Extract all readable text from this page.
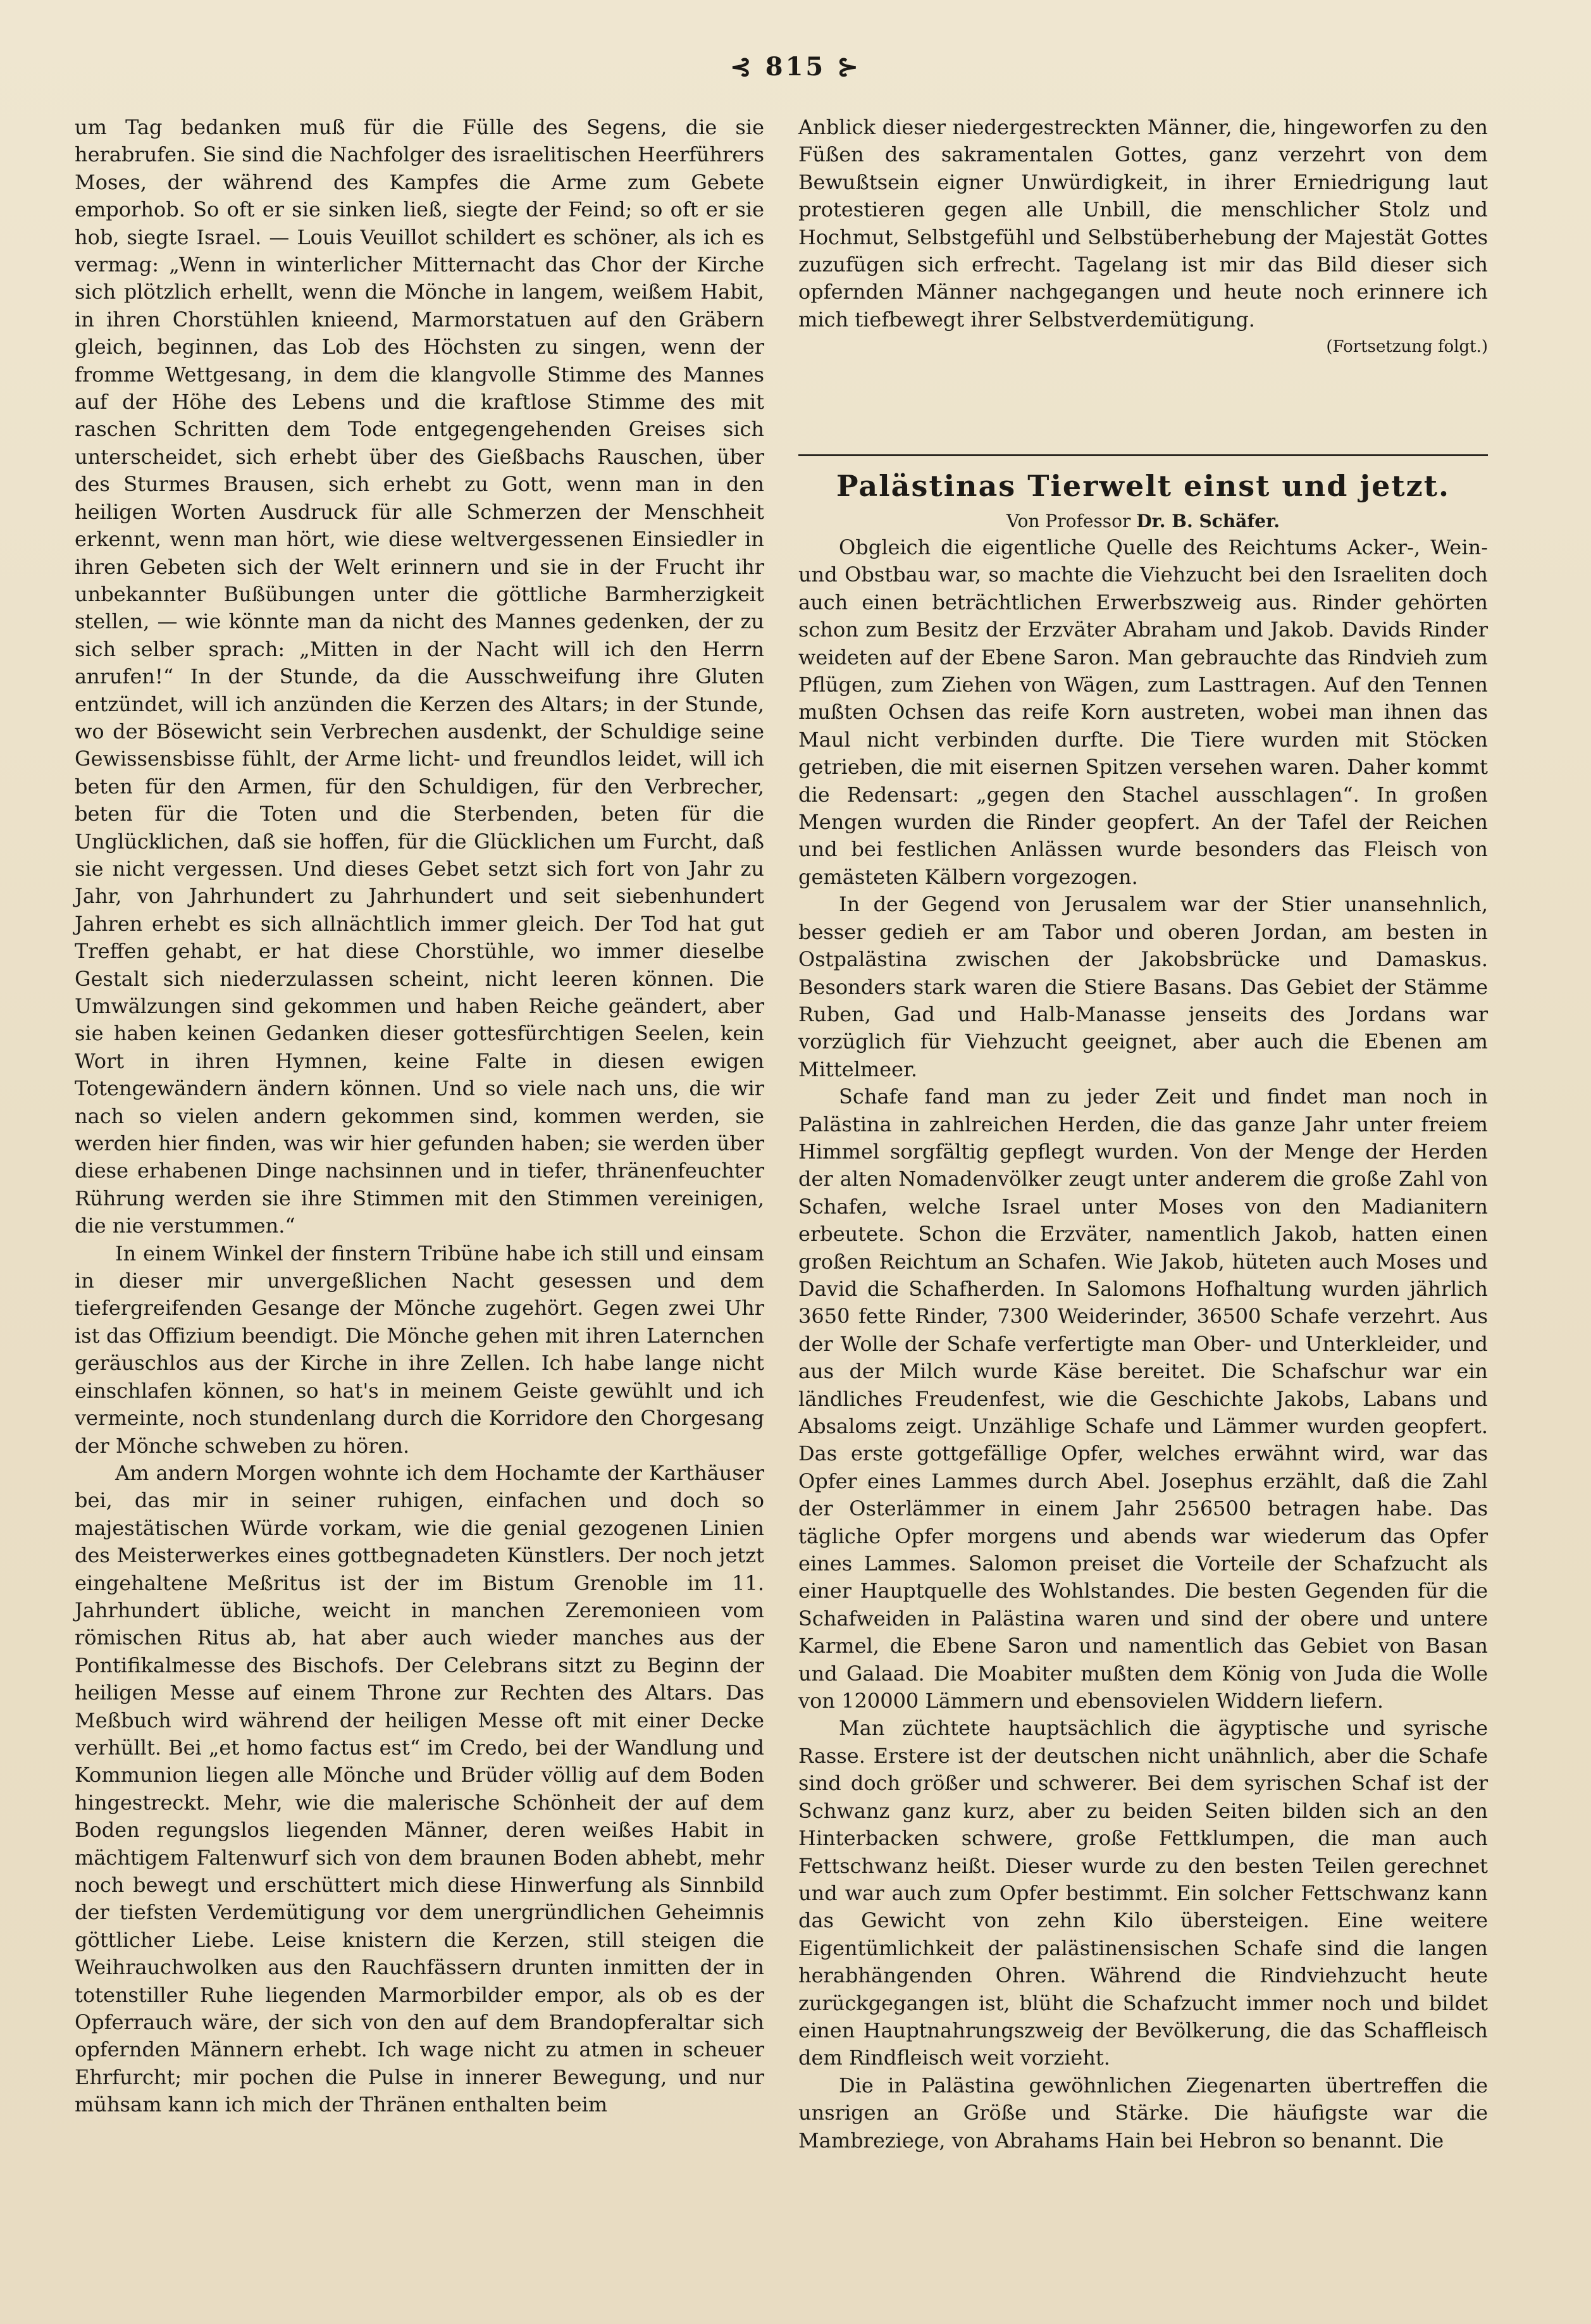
⊰ 815 ⊱

um Tag bedanken muß für die Fülle des Segens, die sie herabrufen. Sie sind die Nachfolger des israelitischen Heerführers Moses, der während des Kampfes die Arme zum Gebete emporhob. So oft er sie sinken ließ, siegte der Feind; so oft er sie hob, siegte Israel. — Louis Veuillot schildert es schöner, als ich es vermag: „Wenn in winterlicher Mitternacht das Chor der Kirche sich plötzlich erhellt, wenn die Mönche in langem, weißem Habit, in ihren Chorstühlen knieend, Marmorstatuen auf den Gräbern gleich, beginnen, das Lob des Höchsten zu singen, wenn der fromme Wettgesang, in dem die klangvolle Stimme des Mannes auf der Höhe des Lebens und die kraftlose Stimme des mit raschen Schritten dem Tode entgegengehenden Greises sich unterscheidet, sich erhebt über des Gießbachs Rauschen, über des Sturmes Brausen, sich erhebt zu Gott, wenn man in den heiligen Worten Ausdruck für alle Schmerzen der Menschheit erkennt, wenn man hört, wie diese weltvergessenen Einsiedler in ihren Gebeten sich der Welt erinnern und sie in der Frucht ihr unbekannter Bußübungen unter die göttliche Barmherzigkeit stellen, — wie könnte man da nicht des Mannes gedenken, der zu sich selber sprach: „Mitten in der Nacht will ich den Herrn anrufen!“ In der Stunde, da die Ausschweifung ihre Gluten entzündet, will ich anzünden die Kerzen des Altars; in der Stunde, wo der Bösewicht sein Verbrechen ausdenkt, der Schuldige seine Gewissensbisse fühlt, der Arme licht- und freundlos leidet, will ich beten für den Armen, für den Schuldigen, für den Verbrecher, beten für die Toten und die Sterbenden, beten für die Unglücklichen, daß sie hoffen, für die Glücklichen um Furcht, daß sie nicht vergessen. Und dieses Gebet setzt sich fort von Jahr zu Jahr, von Jahrhundert zu Jahrhundert und seit siebenhundert Jahren erhebt es sich allnächtlich immer gleich. Der Tod hat gut Treffen gehabt, er hat diese Chorstühle, wo immer dieselbe Gestalt sich niederzulassen scheint, nicht leeren können. Die Umwälzungen sind gekommen und haben Reiche geändert, aber sie haben keinen Gedanken dieser gottesfürchtigen Seelen, kein Wort in ihren Hymnen, keine Falte in diesen ewigen Totengewändern ändern können. Und so viele nach uns, die wir nach so vielen andern gekommen sind, kommen werden, sie werden hier finden, was wir hier gefunden haben; sie werden über diese erhabenen Dinge nachsinnen und in tiefer, thränenfeuchter Rührung werden sie ihre Stimmen mit den Stimmen vereinigen, die nie verstummen.“

In einem Winkel der finstern Tribüne habe ich still und einsam in dieser mir unvergeßlichen Nacht gesessen und dem tiefergreifenden Gesange der Mönche zugehört. Gegen zwei Uhr ist das Offizium beendigt. Die Mönche gehen mit ihren Laternchen geräuschlos aus der Kirche in ihre Zellen. Ich habe lange nicht einschlafen können, so hat's in meinem Geiste gewühlt und ich vermeinte, noch stundenlang durch die Korridore den Chorgesang der Mönche schweben zu hören.

Am andern Morgen wohnte ich dem Hochamte der Karthäuser bei, das mir in seiner ruhigen, einfachen und doch so majestätischen Würde vorkam, wie die genial gezogenen Linien des Meisterwerkes eines gottbegnadeten Künstlers. Der noch jetzt eingehaltene Meßritus ist der im Bistum Grenoble im 11. Jahrhundert übliche, weicht in manchen Zeremonieen vom römischen Ritus ab, hat aber auch wieder manches aus der Pontifikalmesse des Bischofs. Der Celebrans sitzt zu Beginn der heiligen Messe auf einem Throne zur Rechten des Altars. Das Meßbuch wird während der heiligen Messe oft mit einer Decke verhüllt. Bei „et homo factus est“ im Credo, bei der Wandlung und Kommunion liegen alle Mönche und Brüder völlig auf dem Boden hingestreckt. Mehr, wie die malerische Schönheit der auf dem Boden regungslos liegenden Männer, deren weißes Habit in mächtigem Faltenwurf sich von dem braunen Boden abhebt, mehr noch bewegt und erschüttert mich diese Hinwerfung als Sinnbild der tiefsten Verdemütigung vor dem unergründlichen Geheimnis göttlicher Liebe. Leise knistern die Kerzen, still steigen die Weihrauchwolken aus den Rauchfässern drunten inmitten der in totenstiller Ruhe liegenden Marmorbilder empor, als ob es der Opferrauch wäre, der sich von den auf dem Brandopferaltar sich opfernden Männern erhebt. Ich wage nicht zu atmen in scheuer Ehrfurcht; mir pochen die Pulse in innerer Bewegung, und nur mühsam kann ich mich der Thränen enthalten beim

Anblick dieser niedergestreckten Männer, die, hingeworfen zu den Füßen des sakramentalen Gottes, ganz verzehrt von dem Bewußtsein eigner Unwürdigkeit, in ihrer Erniedrigung laut protestieren gegen alle Unbill, die menschlicher Stolz und Hochmut, Selbstgefühl und Selbstüberhebung der Majestät Gottes zuzufügen sich erfrecht. Tagelang ist mir das Bild dieser sich opfernden Männer nachgegangen und heute noch erinnere ich mich tiefbewegt ihrer Selbstverdemütigung.

(Fortsetzung folgt.)

Palästinas Tierwelt einst und jetzt.

Von Professor Dr. B. Schäfer.

Obgleich die eigentliche Quelle des Reichtums Acker-, Wein- und Obstbau war, so machte die Viehzucht bei den Israeliten doch auch einen beträchtlichen Erwerbszweig aus. Rinder gehörten schon zum Besitz der Erzväter Abraham und Jakob. Davids Rinder weideten auf der Ebene Saron. Man gebrauchte das Rindvieh zum Pflügen, zum Ziehen von Wägen, zum Lasttragen. Auf den Tennen mußten Ochsen das reife Korn austreten, wobei man ihnen das Maul nicht verbinden durfte. Die Tiere wurden mit Stöcken getrieben, die mit eisernen Spitzen versehen waren. Daher kommt die Redensart: „gegen den Stachel ausschlagen“. In großen Mengen wurden die Rinder geopfert. An der Tafel der Reichen und bei festlichen Anlässen wurde besonders das Fleisch von gemästeten Kälbern vorgezogen.

In der Gegend von Jerusalem war der Stier unansehnlich, besser gedieh er am Tabor und oberen Jordan, am besten in Ostpalästina zwischen der Jakobsbrücke und Damaskus. Besonders stark waren die Stiere Basans. Das Gebiet der Stämme Ruben, Gad und Halb-Manasse jenseits des Jordans war vorzüglich für Viehzucht geeignet, aber auch die Ebenen am Mittelmeer.

Schafe fand man zu jeder Zeit und findet man noch in Palästina in zahlreichen Herden, die das ganze Jahr unter freiem Himmel sorgfältig gepflegt wurden. Von der Menge der Herden der alten Nomadenvölker zeugt unter anderem die große Zahl von Schafen, welche Israel unter Moses von den Madianitern erbeutete. Schon die Erzväter, namentlich Jakob, hatten einen großen Reichtum an Schafen. Wie Jakob, hüteten auch Moses und David die Schafherden. In Salomons Hofhaltung wurden jährlich 3650 fette Rinder, 7300 Weiderinder, 36500 Schafe verzehrt. Aus der Wolle der Schafe verfertigte man Ober- und Unterkleider, und aus der Milch wurde Käse bereitet. Die Schafschur war ein ländliches Freudenfest, wie die Geschichte Jakobs, Labans und Absaloms zeigt. Unzählige Schafe und Lämmer wurden geopfert. Das erste gottgefällige Opfer, welches erwähnt wird, war das Opfer eines Lammes durch Abel. Josephus erzählt, daß die Zahl der Osterlämmer in einem Jahr 256500 betragen habe. Das tägliche Opfer morgens und abends war wiederum das Opfer eines Lammes. Salomon preiset die Vorteile der Schafzucht als einer Hauptquelle des Wohlstandes. Die besten Gegenden für die Schafweiden in Palästina waren und sind der obere und untere Karmel, die Ebene Saron und namentlich das Gebiet von Basan und Galaad. Die Moabiter mußten dem König von Juda die Wolle von 120000 Lämmern und ebensovielen Widdern liefern.

Man züchtete hauptsächlich die ägyptische und syrische Rasse. Erstere ist der deutschen nicht unähnlich, aber die Schafe sind doch größer und schwerer. Bei dem syrischen Schaf ist der Schwanz ganz kurz, aber zu beiden Seiten bilden sich an den Hinterbacken schwere, große Fettklumpen, die man auch Fettschwanz heißt. Dieser wurde zu den besten Teilen gerechnet und war auch zum Opfer bestimmt. Ein solcher Fettschwanz kann das Gewicht von zehn Kilo übersteigen. Eine weitere Eigentümlichkeit der palästinensischen Schafe sind die langen herabhängenden Ohren. Während die Rindviehzucht heute zurückgegangen ist, blüht die Schafzucht immer noch und bildet einen Hauptnahrungszweig der Bevölkerung, die das Schaffleisch dem Rindfleisch weit vorzieht.

Die in Palästina gewöhnlichen Ziegenarten übertreffen die unsrigen an Größe und Stärke. Die häufigste war die Mambreziege, von Abrahams Hain bei Hebron so benannt. Die
